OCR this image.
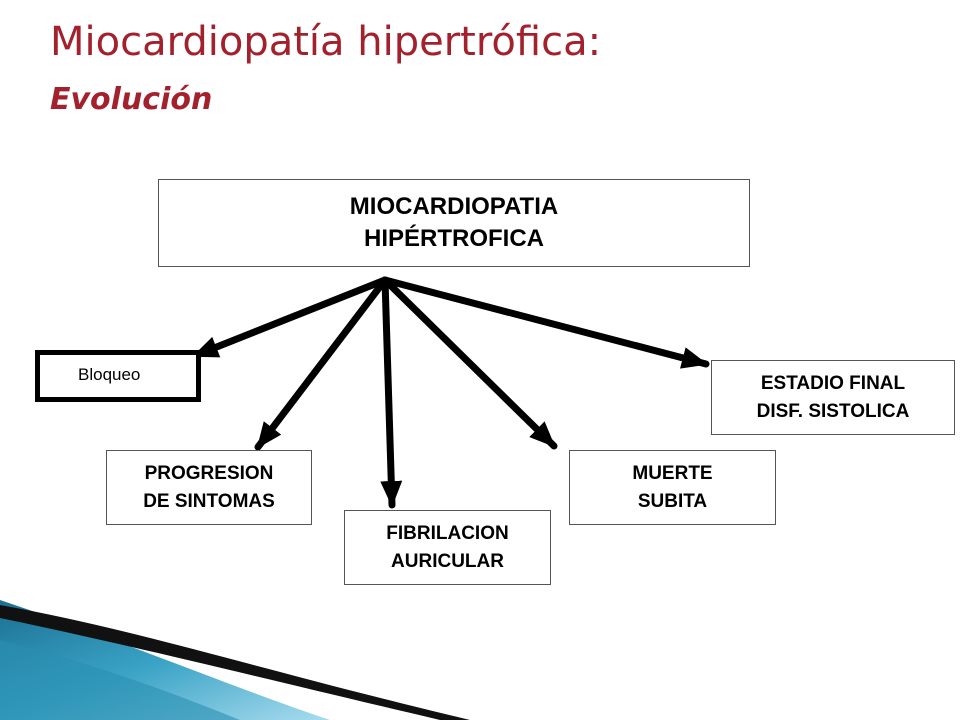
Miocardiopatía hipertrófica:
Evolución
MIOCARDIOPATIA
HIPÉRTROFICA
Bloqueo
PROGRESION
DE SINTOMAS
FIBRILACION
AURICULAR
MUERTE
SUBITA
ESTADIO FINAL
DISF. SISTOLICA
